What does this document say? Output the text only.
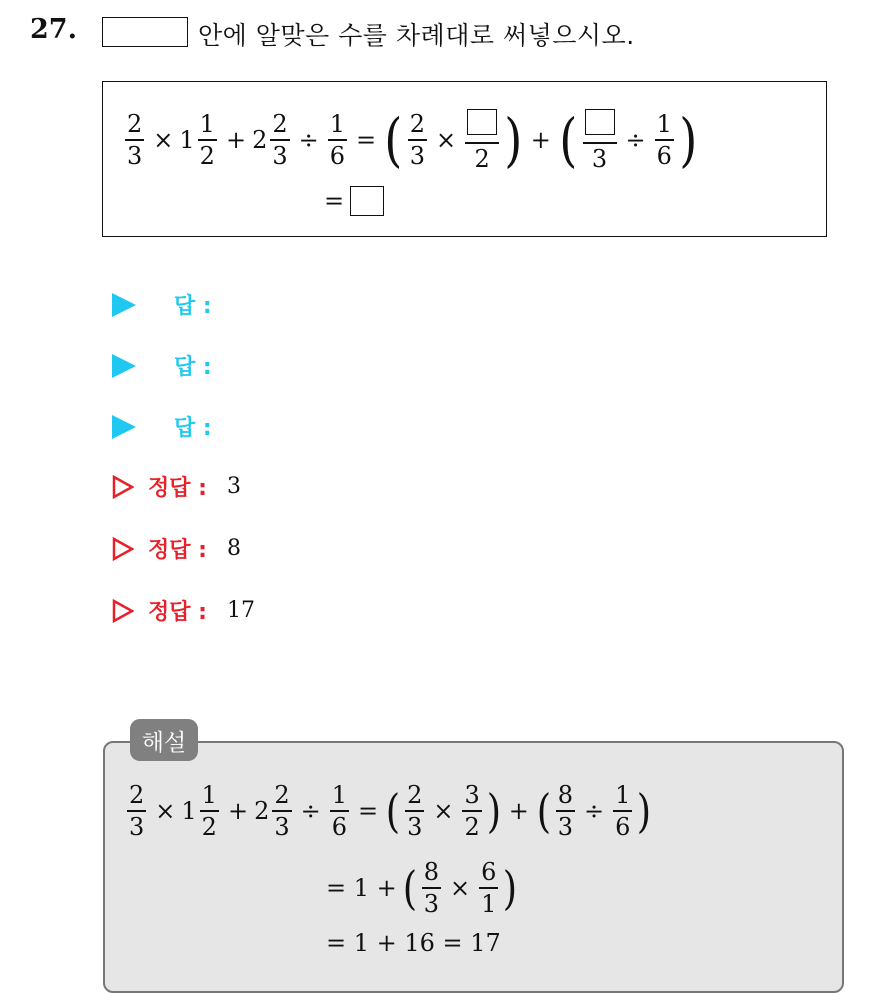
27.	안에 알맞은 수를 차례대로 써넣으시오.
$\frac{2}{3} \times 1 \frac{1}{2} + 2 \frac{2}{3} \div \frac{1}{6}$ = ( $\frac{2}{3}$ ×
2 ) + ( 3
÷ $\frac{1}{6}$ )
=
답 :
답 :
답 :
정답 : 3
정답 : 8
정답 : 17
해설
$\frac{2}{3} \times 1 \frac{1}{2} + 2 \frac{2}{3} \div \frac{1}{6}$ = ( $\frac{2}{3} \times \frac{3}{2}$ ) + ( $\frac{8}{3} \div \frac{1}{6}$ )
= 1 + ( $\frac{8}{3} \times \frac{6}{1}$ )
= 1 + 16 = 17
